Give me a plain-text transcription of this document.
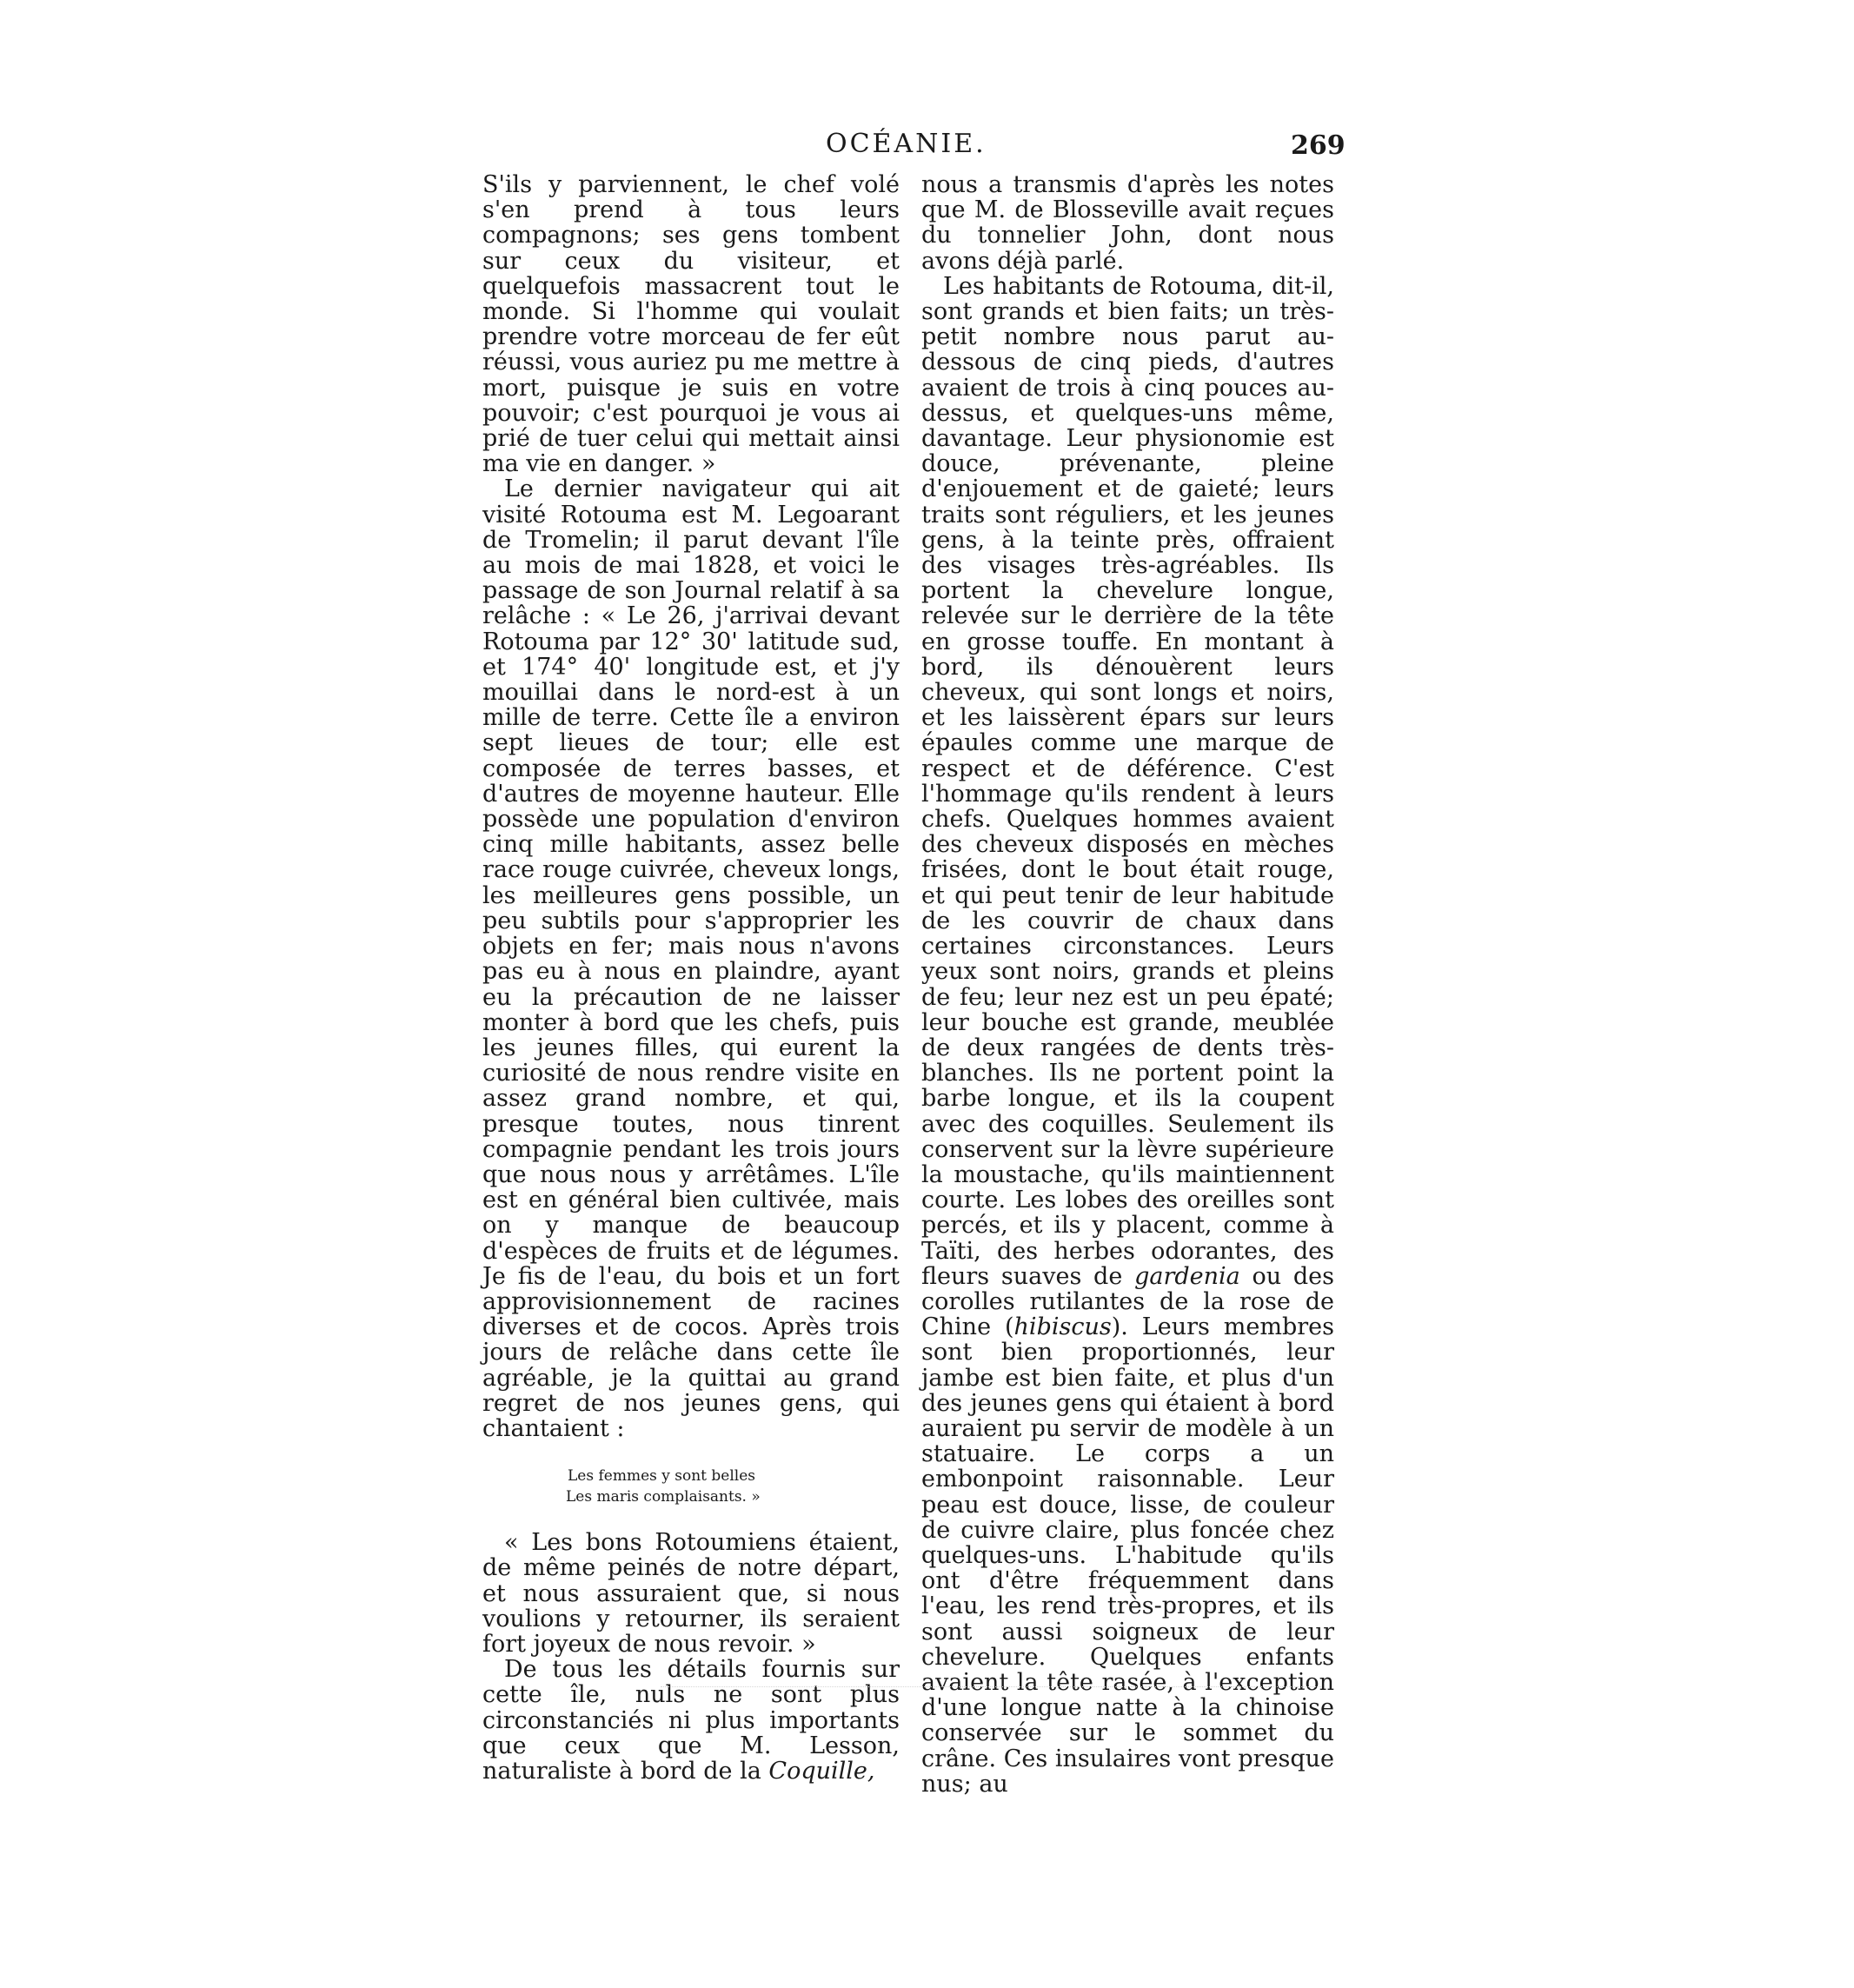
OCÉANIE.	269

S'ils y parviennent, le chef volé s'en prend à tous leurs compagnons; ses gens tombent sur ceux du visiteur, et quelquefois massacrent tout le monde. Si l'homme qui voulait prendre votre morceau de fer eût réussi, vous auriez pu me mettre à mort, puisque je suis en votre pouvoir; c'est pourquoi je vous ai prié de tuer celui qui mettait ainsi ma vie en danger. »

Le dernier navigateur qui ait visité Rotouma est M. Legoarant de Tromelin; il parut devant l'île au mois de mai 1828, et voici le passage de son Journal relatif à sa relâche : « Le 26, j'arrivai devant Rotouma par 12° 30' latitude sud, et 174° 40' longitude est, et j'y mouillai dans le nord-est à un mille de terre. Cette île a environ sept lieues de tour; elle est composée de terres basses, et d'autres de moyenne hauteur. Elle possède une population d'environ cinq mille habitants, assez belle race rouge cuivrée, cheveux longs, les meilleures gens possible, un peu subtils pour s'approprier les objets en fer; mais nous n'avons pas eu à nous en plaindre, ayant eu la précaution de ne laisser monter à bord que les chefs, puis les jeunes filles, qui eurent la curiosité de nous rendre visite en assez grand nombre, et qui, presque toutes, nous tinrent compagnie pendant les trois jours que nous nous y arrêtâmes. L'île est en général bien cultivée, mais on y manque de beaucoup d'espèces de fruits et de légumes. Je fis de l'eau, du bois et un fort approvisionnement de racines diverses et de cocos. Après trois jours de relâche dans cette île agréable, je la quittai au grand regret de nos jeunes gens, qui chantaient :

Les femmes y sont belles
Les maris complaisants. »

« Les bons Rotoumiens étaient, de même peinés de notre départ, et nous assuraient que, si nous voulions y retourner, ils seraient fort joyeux de nous revoir. »

De tous les détails fournis sur cette île, nuls ne sont plus circonstanciés ni plus importants que ceux que M. Lesson, naturaliste à bord de la Coquille,

nous a transmis d'après les notes que M. de Blosseville avait reçues du tonnelier John, dont nous avons déjà parlé.

Les habitants de Rotouma, dit-il, sont grands et bien faits; un très-petit nombre nous parut au-dessous de cinq pieds, d'autres avaient de trois à cinq pouces au-dessus, et quelques-uns même, davantage. Leur physionomie est douce, prévenante, pleine d'enjouement et de gaieté; leurs traits sont réguliers, et les jeunes gens, à la teinte près, offraient des visages très-agréables. Ils portent la chevelure longue, relevée sur le derrière de la tête en grosse touffe. En montant à bord, ils dénouèrent leurs cheveux, qui sont longs et noirs, et les laissèrent épars sur leurs épaules comme une marque de respect et de déférence. C'est l'hommage qu'ils rendent à leurs chefs. Quelques hommes avaient des cheveux disposés en mèches frisées, dont le bout était rouge, et qui peut tenir de leur habitude de les couvrir de chaux dans certaines circonstances. Leurs yeux sont noirs, grands et pleins de feu; leur nez est un peu épaté; leur bouche est grande, meublée de deux rangées de dents très-blanches. Ils ne portent point la barbe longue, et ils la coupent avec des coquilles. Seulement ils conservent sur la lèvre supérieure la moustache, qu'ils maintiennent courte. Les lobes des oreilles sont percés, et ils y placent, comme à Taïti, des herbes odorantes, des fleurs suaves de gardenia ou des corolles rutilantes de la rose de Chine (hibiscus). Leurs membres sont bien proportionnés, leur jambe est bien faite, et plus d'un des jeunes gens qui étaient à bord auraient pu servir de modèle à un statuaire. Le corps a un embonpoint raisonnable. Leur peau est douce, lisse, de couleur de cuivre claire, plus foncée chez quelques-uns. L'habitude qu'ils ont d'être fréquemment dans l'eau, les rend très-propres, et ils sont aussi soigneux de leur chevelure. Quelques enfants avaient la tête rasée, à l'exception d'une longue natte à la chinoise conservée sur le sommet du crâne. Ces insulaires vont presque nus; au
